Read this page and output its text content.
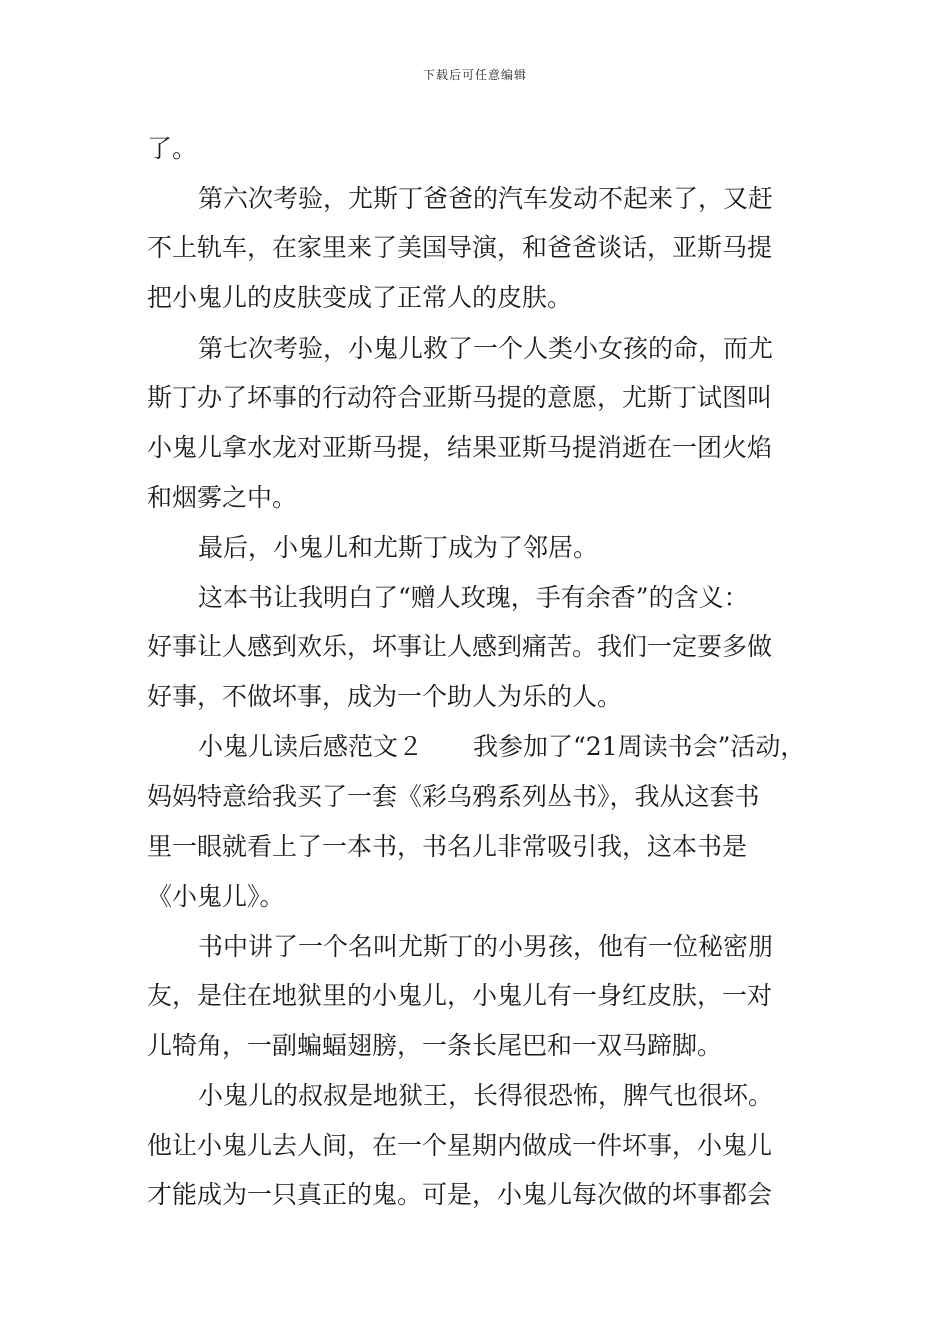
下载后可任意编辑
了。
第六次考验，尤斯丁爸爸的汽车发动不起来了，又赶
不上轨车，在家里来了美国导演，和爸爸谈话，亚斯马提
把小鬼儿的皮肤变成了正常人的皮肤。
第七次考验，小鬼儿救了一个人类小女孩的命，而尤
斯丁办了坏事的行动符合亚斯马提的意愿，尤斯丁试图叫
小鬼儿拿水龙对亚斯马提，结果亚斯马提消逝在一团火焰
和烟雾之中。
最后，小鬼儿和尤斯丁成为了邻居。
这本书让我明白了“赠人玫瑰，手有余香”的含义：
好事让人感到欢乐，坏事让人感到痛苦。我们一定要多做
好事，不做坏事，成为一个助人为乐的人。
小鬼儿读后感范文２　　我参加了“21周读书会”活动，
妈妈特意给我买了一套《彩乌鸦系列丛书》，我从这套书
里一眼就看上了一本书，书名儿非常吸引我，这本书是
《小鬼儿》。
书中讲了一个名叫尤斯丁的小男孩，他有一位秘密朋
友，是住在地狱里的小鬼儿，小鬼儿有一身红皮肤，一对
儿犄角，一副蝙蝠翅膀，一条长尾巴和一双马蹄脚。
小鬼儿的叔叔是地狱王，长得很恐怖，脾气也很坏。
他让小鬼儿去人间，在一个星期内做成一件坏事，小鬼儿
才能成为一只真正的鬼。可是，小鬼儿每次做的坏事都会
